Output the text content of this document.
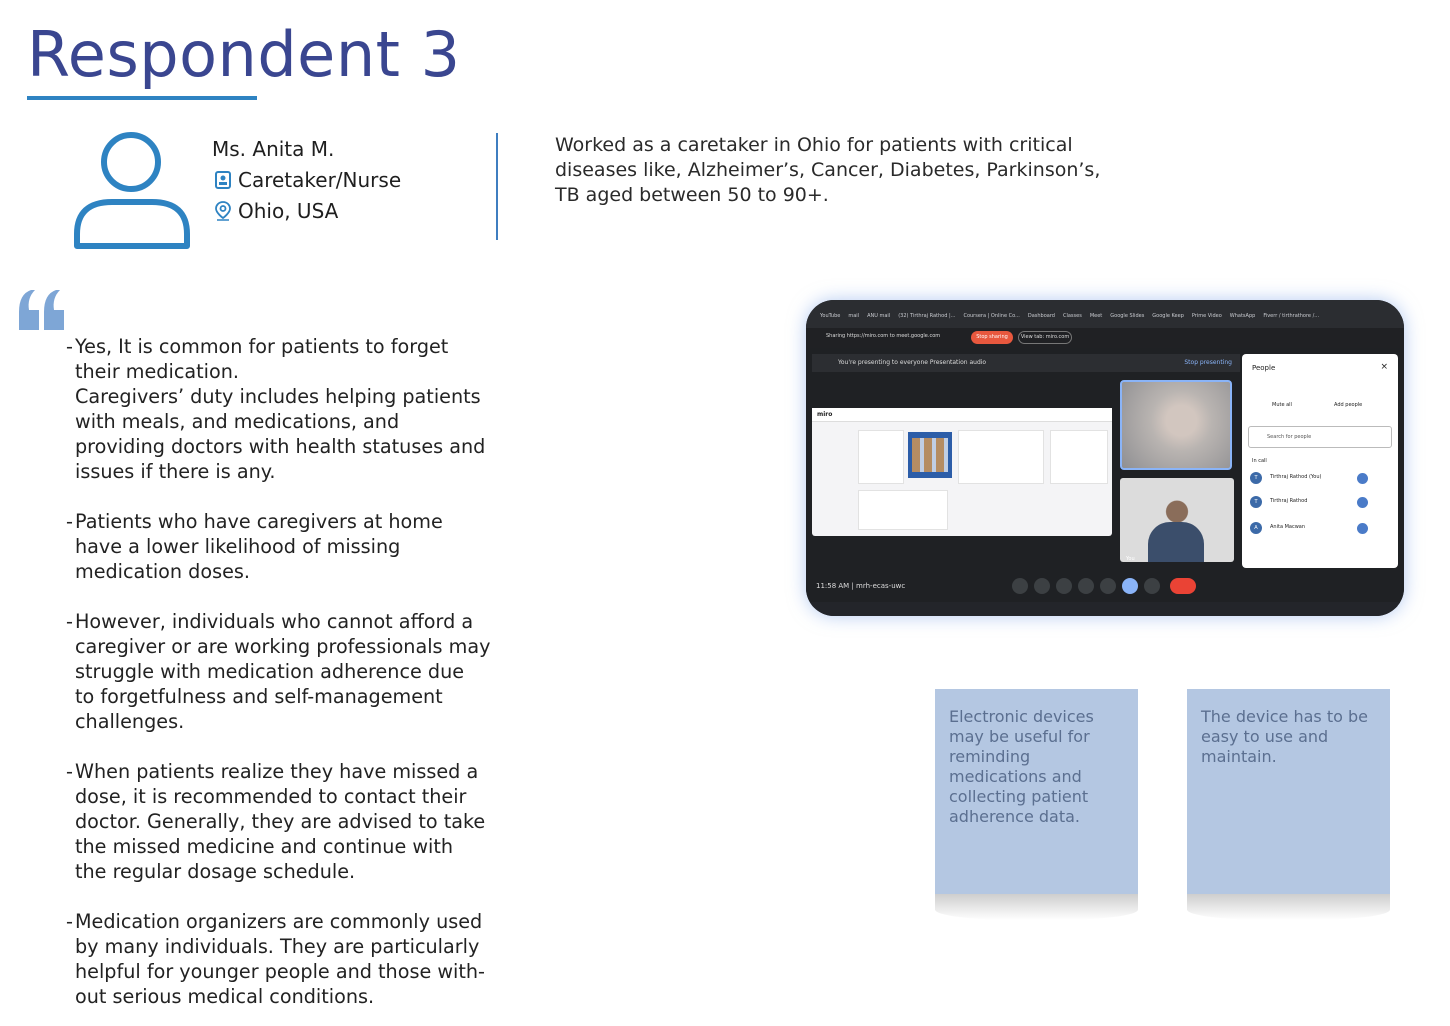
Respondent 3
Ms. Anita M.
Caretaker/Nurse
Ohio, USA
Worked as a caretaker in Ohio for patients with critical diseases like, Alzheimer’s, Cancer, Diabetes, Parkinson’s, TB aged between 50 to 90+.
- Yes, It is common for patients to forget
their medication.
Caregivers’ duty includes helping patients
with meals, and medications, and
providing doctors with health statuses and
issues if there is any.
- Patients who have caregivers at home
have a lower likelihood of missing
medication doses.
- However, individuals who cannot afford a
caregiver or are working professionals may
struggle with medication adherence due
to forgetfulness and self-management
challenges.
- When patients realize they have missed a
dose, it is recommended to contact their
doctor. Generally, they are advised to take
the missed medicine and continue with
the regular dosage schedule.
- Medication organizers are commonly used
by many individuals. They are particularly
helpful for younger people and those with-
out serious medical conditions.
YouTube mail ANU mail (32) Tirthraj Rathod |... Coursera | Online Co... Dashboard Classes Meet Google Slides Google Keep Prime Video WhatsApp Fiverr / tirthrathore /...
Sharing https://miro.com to meet.google.com	Stop sharing	View tab: miro.com
You're presenting to everyone Presentation audio	Stop presenting
miro
You
People	×
Mute all	Add people
Search for people
In call
T	Tirthraj Rathod (You)
T	Tirthraj Rathod
A	Anita Macwan
11:58 AM | mrh-ecas-uwc
Electronic devices may be useful for reminding medications and collecting patient adherence data.
The device has to be easy to use and maintain.
